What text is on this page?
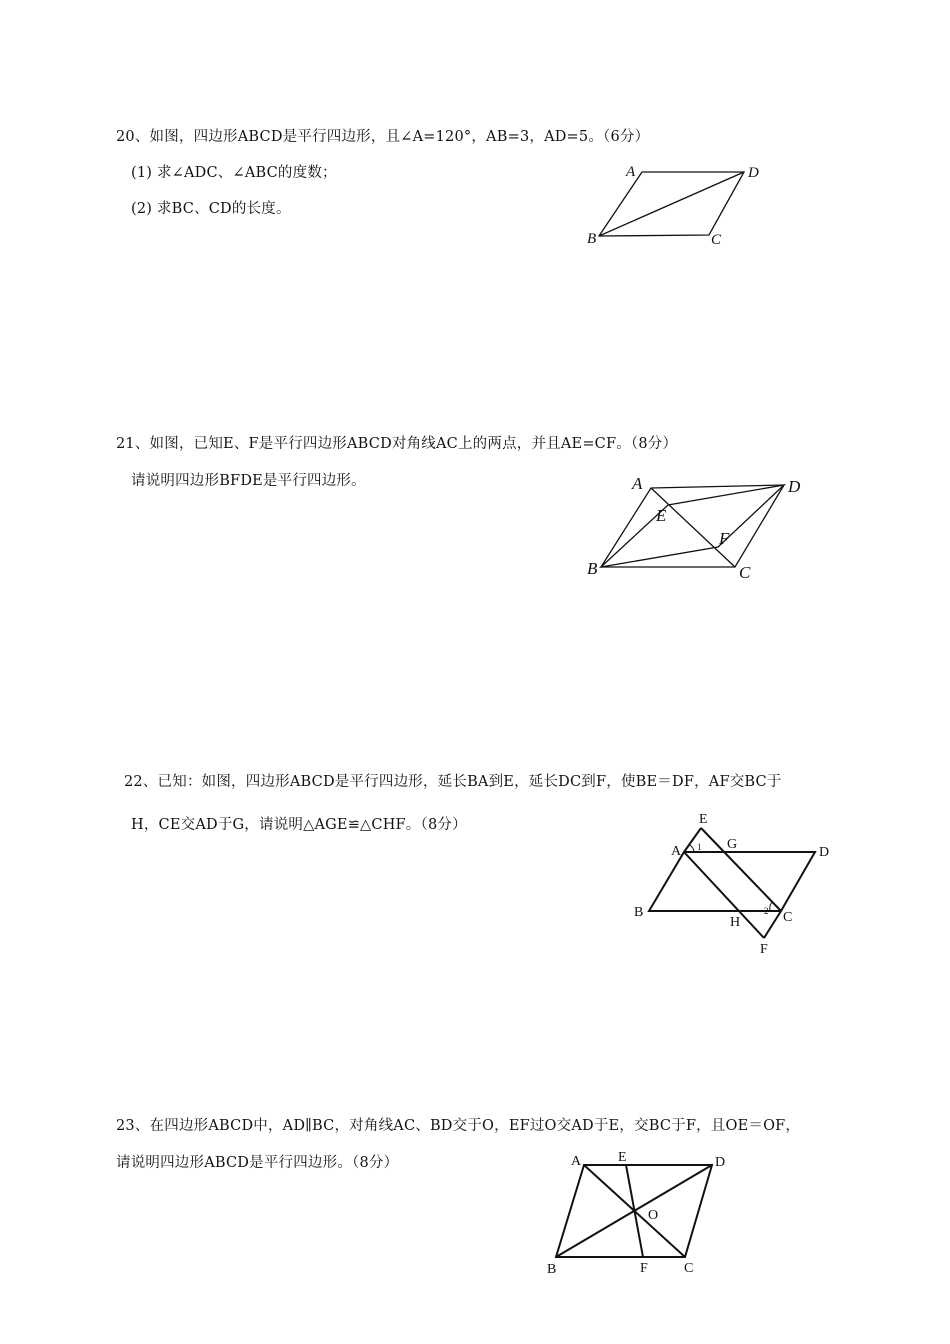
20、如图，四边形ABCD是平行四边形，且∠A=120°，AB=3，AD=5。（6分）
(1) 求∠ADC、∠ABC的度数；
(2) 求BC、CD的长度。
A	D
B	C
21、如图，已知E、F是平行四边形ABCD对角线AC上的两点，并且AE=CF。（8分）
请说明四边形BFDE是平行四边形。	A	D
E
F
B	C
22、已知：如图，四边形ABCD是平行四边形，延长BA到E，延长DC到F，使BE＝DF，AF交BC于
H，CE交AD于G，请说明△AGE≌△CHF。（8分）	E
A	G
D
B
H	C
F
1
2
23、在四边形ABCD中，AD∥BC，对角线AC、BD交于O，EF过O交AD于E，交BC于F，且OE＝OF，
请说明四边形ABCD是平行四边形。（8分）	A	E	D
O
B	F	C
